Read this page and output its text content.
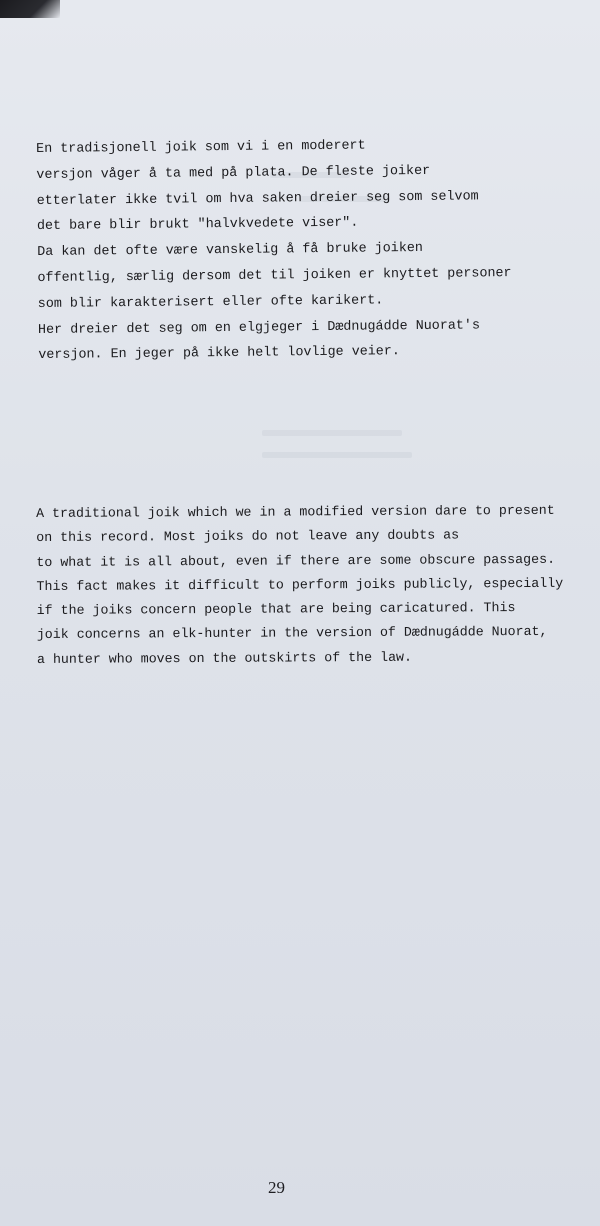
En tradisjonell joik som vi i en moderert
versjon våger å ta med på plata. De fleste joiker
etterlater ikke tvil om hva saken dreier seg som selvom
det bare blir brukt "halvkvedete viser".
Da kan det ofte være vanskelig å få bruke joiken
offentlig, særlig dersom det til joiken er knyttet personer
som blir karakterisert eller ofte karikert.
Her dreier det seg om en elgjeger i Dædnugádde Nuorat's
versjon. En jeger på ikke helt lovlige veier.
A traditional joik which we in a modified version dare to present
on this record. Most joiks do not leave any doubts as
to what it is all about, even if there are some obscure passages.
This fact makes it difficult to perform joiks publicly, especially
if the joiks concern people that are being caricatured. This
joik concerns an elk-hunter in the version of Dædnugádde Nuorat,
a hunter who moves on the outskirts of the law.
29
